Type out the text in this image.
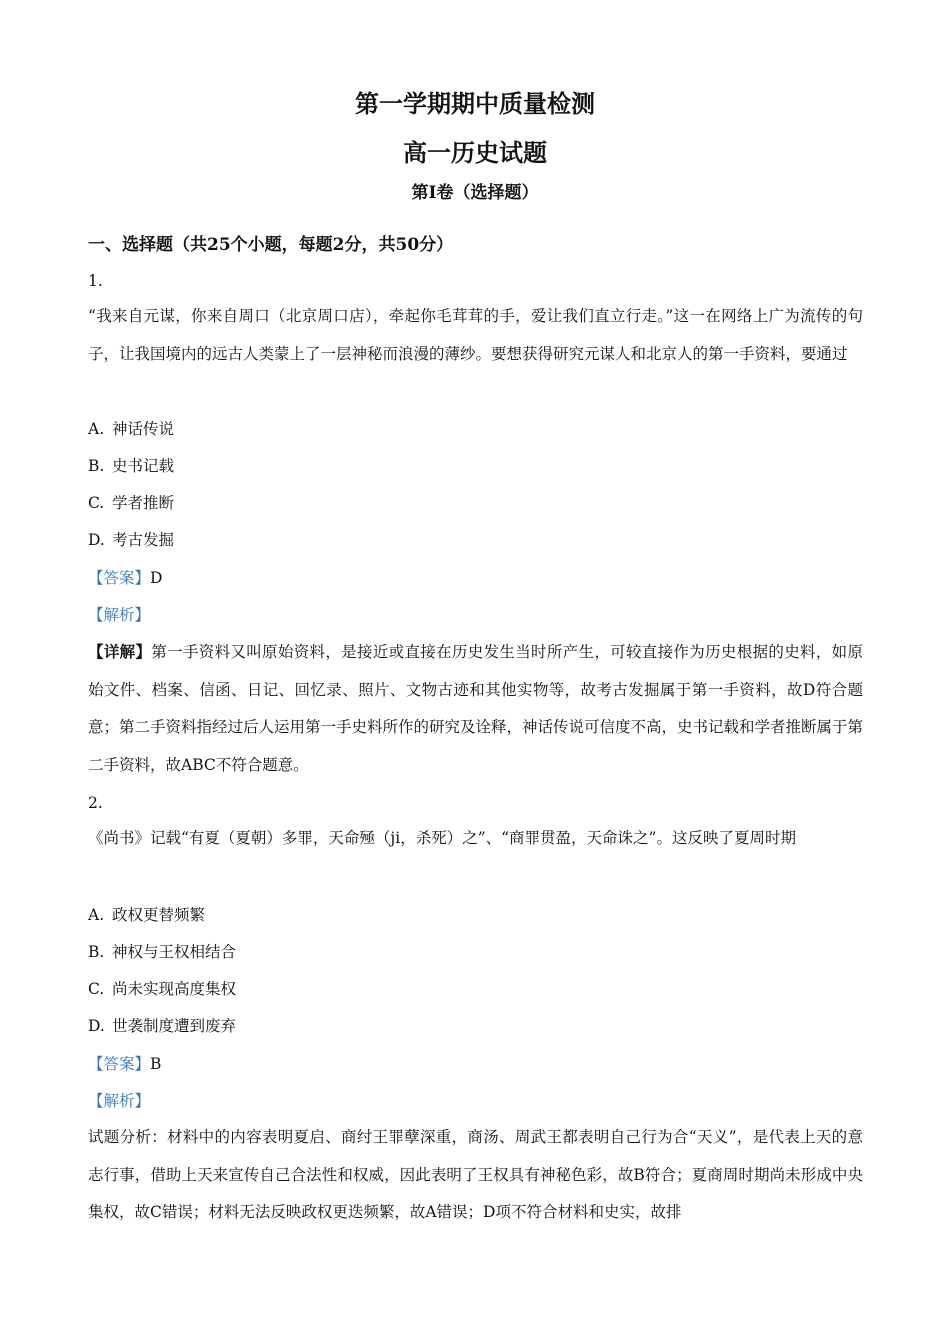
第一学期期中质量检测
高一历史试题
第I卷（选择题）
一、选择题（共25个小题，每题2分，共50分）
1.
“我来自元谋，你来自周口（北京周口店），牵起你毛茸茸的手，爱让我们直立行走。”这一在网络上广为流传的句子，让我国境内的远古人类蒙上了一层神秘而浪漫的薄纱。要想获得研究元谋人和北京人的第一手资料，要通过
A. 神话传说
B. 史书记载
C. 学者推断
D. 考古发掘
【答案】D
【解析】
【详解】第一手资料又叫原始资料，是接近或直接在历史发生当时所产生，可较直接作为历史根据的史料，如原始文件、档案、信函、日记、回忆录、照片、文物古迹和其他实物等，故考古发掘属于第一手资料，故D符合题意；第二手资料指经过后人运用第一手史料所作的研究及诠释，神话传说可信度不高，史书记载和学者推断属于第二手资料，故ABC不符合题意。
2.
《尚书》记载“有夏（夏朝）多罪，天命殛（ji，杀死）之”、“商罪贯盈，天命诛之”。这反映了夏周时期
A. 政权更替频繁
B. 神权与王权相结合
C. 尚未实现高度集权
D. 世袭制度遭到废弃
【答案】B
【解析】
试题分析：材料中的内容表明夏启、商纣王罪孽深重，商汤、周武王都表明自己行为合“天义”，是代表上天的意志行事，借助上天来宣传自己合法性和权威，因此表明了王权具有神秘色彩，故B符合；夏商周时期尚未形成中央集权，故C错误；材料无法反映政权更迭频繁，故A错误；D项不符合材料和史实，故排
